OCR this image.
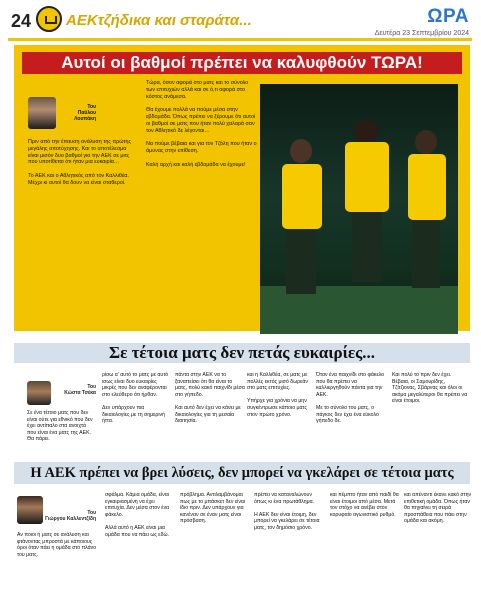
24 ΑΕΚτζήδικα και σταράτα...	ΩΡΑ
Δευτέρα 23 Σεπτεμβρίου 2024
Αυτοί οι βαθμοί πρέπει να καλυφθούν ΤΩΡΑ!
Του
Παύλου Λουπάκη
Πριν από την έπαυση ανάλυση της πρώτης μεγάλης αποτύχησης. Και το αποτέλεσμα είναι μισόν δυο βαθμοί για την ΑΕΚ σε μιτς που υποτίθεται ότι ήταν μια ευκαιρία…

Το ΑΕΚ και ο Αθλητικός από τον Καλλιθέα. Μέχρι κι αυτοί θα δουν να είναι σταθεροί.
Τώρα, όσον αφορά στο ματς και το σύνολο των επιτυχιών αλλά και σε ό,τι αφορά στο κόστος ανάμεσα.

Θα έχουμε πολλά να πούμε μέσα στην εβδομάδα. Όπως πρέπει να ξέρουμε ότι αυτοί οι βαθμοί σε ματς που ήταν πολύ χαλαρά σαν τον Αθλητικό δε λέγονται…

Να πούμε βέβαια και για τον Τζόλη που ήταν ο άμυνας στην επίθεση.

Καλή αρχή και καλή εβδομάδα να έχουμε!
Σε τέτοια ματς δεν πετάς ευκαιρίες...
Του
Κώστα Τσέκα
Σε ένα τέτοιο ματς που δεν είναι ούτε για εθνικό που δεν έχει αντίπαλο στα ανοιχτά που είναι ένα ματς της ΑΕΚ. Θα πάρει.
ρίσω α' αυτό το ματς με αυτό ισως είναι δυο ευκαιρίες μικρές που δεν αναφέρονται στο ελεύθερο ότι ήρθαν.

Δεν υπάρχουν πια δικαιολογίες με τη σημερινή ήττα.
πάντα στην ΑΕΚ να το ξαναπείσει ότι θα είναι το ματς, πολύ κακό παιχνίδι μέσα στο γήπεδο.

Και αυτό δεν έχει να κάνει με δικαιολογίες για τη μεσαία διαιτησία.
και η Καλλιθέα, σε ματς με πολλές εκτός μισό δωρεάν στο ματς επιτυχίες.

Υπήρχε για χρόνια να μην συγκέντρωσε κάποιο ματς στον πρώτο χρόνο.
Όταν ένα παιχνίδι στο φάκελο που θα πρέπει να καλλιεργηθούν πάντα για την ΑΕΚ.

Με το σύνολο του ματς, ο πάγκος δεν έχει ένα εύκολο γήπεδο δε.
Και πολύ το πριν δεν έχει. Βέβαια, οι Σαμουρίδης, Τζίτζιονας, Σβάρνας και όλοι οι ακόμα μεγαλύτεροι θα πρέπει να είναι έτοιμοι.
Η ΑΕΚ πρέπει να βρει λύσεις, δεν μπορεί να γκελάρει σε τέτοια ματς
Του
Γιώργου Καλλεντζίδη
Αν ποιοι ή ματς σε ανάλυση και φτάνοντας μπροστά με κάποιους όροι όταν πάει η ομάδα στο πλάνο του ματς.
σφάλμα. Κάμια ομάδα, είναι εγκαιριασμένη να έχει επιτυχία. Δεν μέσα στον ένα φάκελο.

Αλλά αυτό η ΑΕΚ είναι μια ομάδα που να πάει ως εδώ.
πρόβλημα. Αντιλαμβάνομαι πως με το μπάσκετ δεν είναι ίδιο πριν. Δεν υπάρχουν για κανέναν σε έναν ματς είναι πρόσβαση.
πρέπει να καταναλώνουν όπως κι ένα πρωτάθλημα.

Η ΑΕΚ δεν είναι έτοιμη, δεν μπορεί να γκελάρει σε τέτοια ματς, τον δημόσιο χρόνο.
και πέμπτο ήταν από παιδί θα είναι έτοιμοι από μέσα. Μετά τον στόχο να ανέβει στον κορυφαίο αγωνιστικό ρυθμό.
και απέναντι έκανε κακό στην επιθετική ομάδα. Όπως ήταν θα πηγαίνει τη σειρά προσπάθεια που πάει στην ομάδα και ακόμη.
